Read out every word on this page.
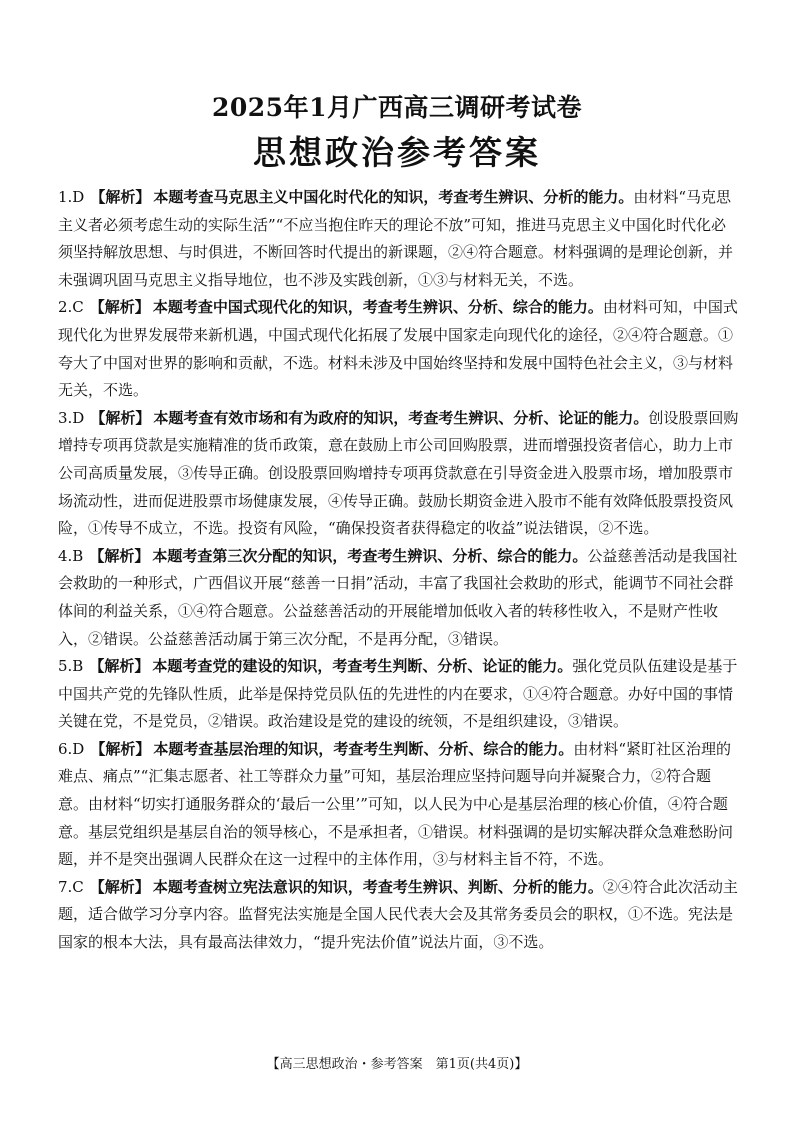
2025年1月广西高三调研考试卷
思想政治参考答案

1.D 【解析】 本题考查马克思主义中国化时代化的知识，考查考生辨识、分析的能力。由材料“马克思主义者必须考虑生动的实际生活”“不应当抱住昨天的理论不放”可知，推进马克思主义中国化时代化必须坚持解放思想、与时俱进，不断回答时代提出的新课题，②④符合题意。材料强调的是理论创新，并未强调巩固马克思主义指导地位，也不涉及实践创新，①③与材料无关，不选。

2.C 【解析】 本题考查中国式现代化的知识，考查考生辨识、分析、综合的能力。由材料可知，中国式现代化为世界发展带来新机遇，中国式现代化拓展了发展中国家走向现代化的途径，②④符合题意。①夸大了中国对世界的影响和贡献，不选。材料未涉及中国始终坚持和发展中国特色社会主义，③与材料无关，不选。

3.D 【解析】 本题考查有效市场和有为政府的知识，考查考生辨识、分析、论证的能力。创设股票回购增持专项再贷款是实施精准的货币政策，意在鼓励上市公司回购股票，进而增强投资者信心，助力上市公司高质量发展，③传导正确。创设股票回购增持专项再贷款意在引导资金进入股票市场，增加股票市场流动性，进而促进股票市场健康发展，④传导正确。鼓励长期资金进入股市不能有效降低股票投资风险，①传导不成立，不选。投资有风险，“确保投资者获得稳定的收益”说法错误，②不选。

4.B 【解析】 本题考查第三次分配的知识，考查考生辨识、分析、综合的能力。公益慈善活动是我国社会救助的一种形式，广西倡议开展“慈善一日捐”活动，丰富了我国社会救助的形式，能调节不同社会群体间的利益关系，①④符合题意。公益慈善活动的开展能增加低收入者的转移性收入，不是财产性收入，②错误。公益慈善活动属于第三次分配，不是再分配，③错误。

5.B 【解析】 本题考查党的建设的知识，考查考生判断、分析、论证的能力。强化党员队伍建设是基于中国共产党的先锋队性质，此举是保持党员队伍的先进性的内在要求，①④符合题意。办好中国的事情关键在党，不是党员，②错误。政治建设是党的建设的统领，不是组织建设，③错误。

6.D 【解析】 本题考查基层治理的知识，考查考生判断、分析、综合的能力。由材料“紧盯社区治理的难点、痛点”“汇集志愿者、社工等群众力量”可知，基层治理应坚持问题导向并凝聚合力，②符合题意。由材料“切实打通服务群众的‘最后一公里’”可知，以人民为中心是基层治理的核心价值，④符合题意。基层党组织是基层自治的领导核心，不是承担者，①错误。材料强调的是切实解决群众急难愁盼问题，并不是突出强调人民群众在这一过程中的主体作用，③与材料主旨不符，不选。

7.C 【解析】 本题考查树立宪法意识的知识，考查考生辨识、判断、分析的能力。②④符合此次活动主题，适合做学习分享内容。监督宪法实施是全国人民代表大会及其常务委员会的职权，①不选。宪法是国家的根本大法，具有最高法律效力，“提升宪法价值”说法片面，③不选。

【高三思想政治・参考答案　第1页(共4页)】
